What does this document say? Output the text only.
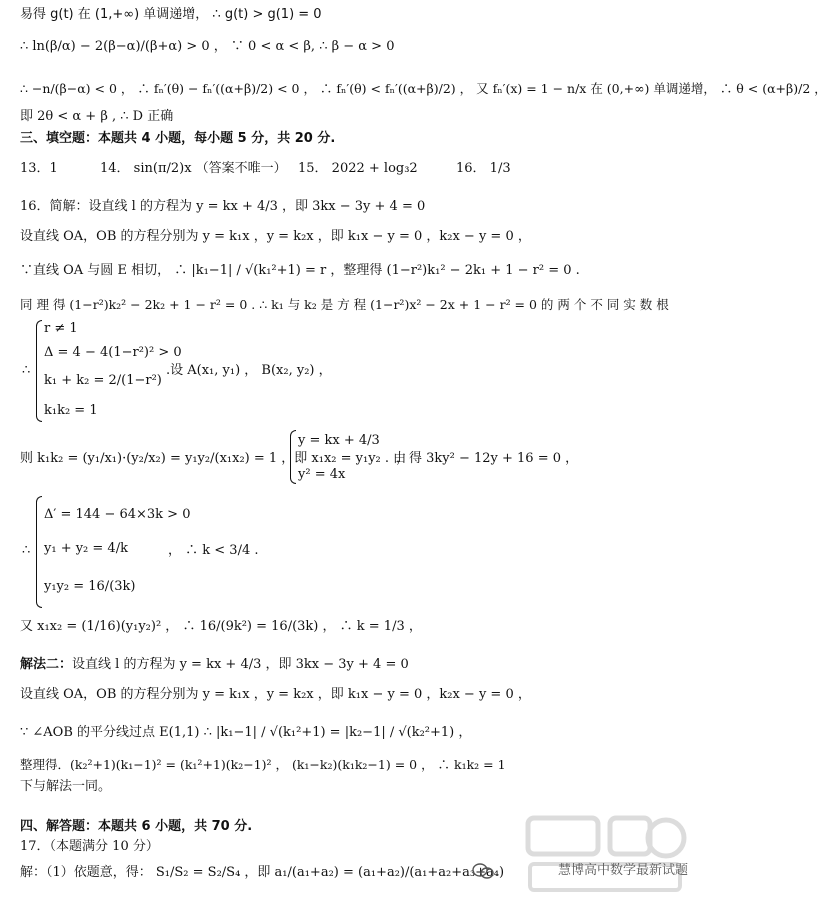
易得 g(t) 在 (1,+∞) 单调递增， ∴ g(t) > g(1) = 0
∴ ln(β/α) − 2(β−α)/(β+α) > 0 ， ∵ 0 < α < β, ∴ β − α > 0
∴ −n/(β−α) < 0 ， ∴ fₙ′(θ) − fₙ′((α+β)/2) < 0 ， ∴ fₙ′(θ) < fₙ′((α+β)/2) ， 又 fₙ′(x) = 1 − n/x 在 (0,+∞) 单调递增， ∴ θ < (α+β)/2 ，
即 2θ < α + β , ∴ D 正确
三、填空题：本题共 4 小题，每小题 5 分，共 20 分.
13．1	14． sin(π/2)x （答案不唯一） 15． 2022 + log₃2	16． 1/3
16．简解：设直线 l 的方程为 y = kx + 4/3 ，即 3kx − 3y + 4 = 0
设直线 OA，OB 的方程分别为 y = k₁x ，y = k₂x ，即 k₁x − y = 0 ，k₂x − y = 0 ，
∵直线 OA 与圆 E 相切， ∴ |k₁−1| / √(k₁²+1) = r ，整理得 (1−r²)k₁² − 2k₁ + 1 − r² = 0 .
同 理 得 (1−r²)k₂² − 2k₂ + 1 − r² = 0 . ∴ k₁ 与 k₂ 是 方 程 (1−r²)x² − 2x + 1 − r² = 0 的 两 个 不 同 实 数 根
∴
r ≠ 1
Δ = 4 − 4(1−r²)² > 0
k₁ + k₂ = 2/(1−r²)
k₁k₂ = 1
.设 A(x₁, y₁) ， B(x₂, y₂) ，
则 k₁k₂ = (y₁/x₁)·(y₂/x₂) = y₁y₂/(x₁x₂) = 1 ，即 x₁x₂ = y₁y₂ . 由
y = kx + 4/3
y² = 4x
，得 3ky² − 12y + 16 = 0 ，
∴
Δ′ = 144 − 64×3k > 0
y₁ + y₂ = 4/k
y₁y₂ = 16/(3k)
， ∴ k < 3/4 .
又 x₁x₂ = (1/16)(y₁y₂)² ， ∴ 16/(9k²) = 16/(3k) ， ∴ k = 1/3 ，
解法二：设直线 l 的方程为 y = kx + 4/3 ，即 3kx − 3y + 4 = 0
设直线 OA，OB 的方程分别为 y = k₁x ，y = k₂x ，即 k₁x − y = 0 ，k₂x − y = 0 ，
∵ ∠AOB 的平分线过点 E(1,1) ∴ |k₁−1| / √(k₁²+1) = |k₂−1| / √(k₂²+1) ，
整理得．(k₂²+1)(k₁−1)² = (k₁²+1)(k₂−1)² ， (k₁−k₂)(k₁k₂−1) = 0 ， ∴ k₁k₂ = 1
下与解法一同。
四、解答题：本题共 6 小题，共 70 分.
17．（本题满分 10 分）
解：（1）依题意，得： S₁/S₂ = S₂/S₄ ，即 a₁/(a₁+a₂) = (a₁+a₂)/(a₁+a₂+a₃+a₄)	慧博高中数学最新试题
